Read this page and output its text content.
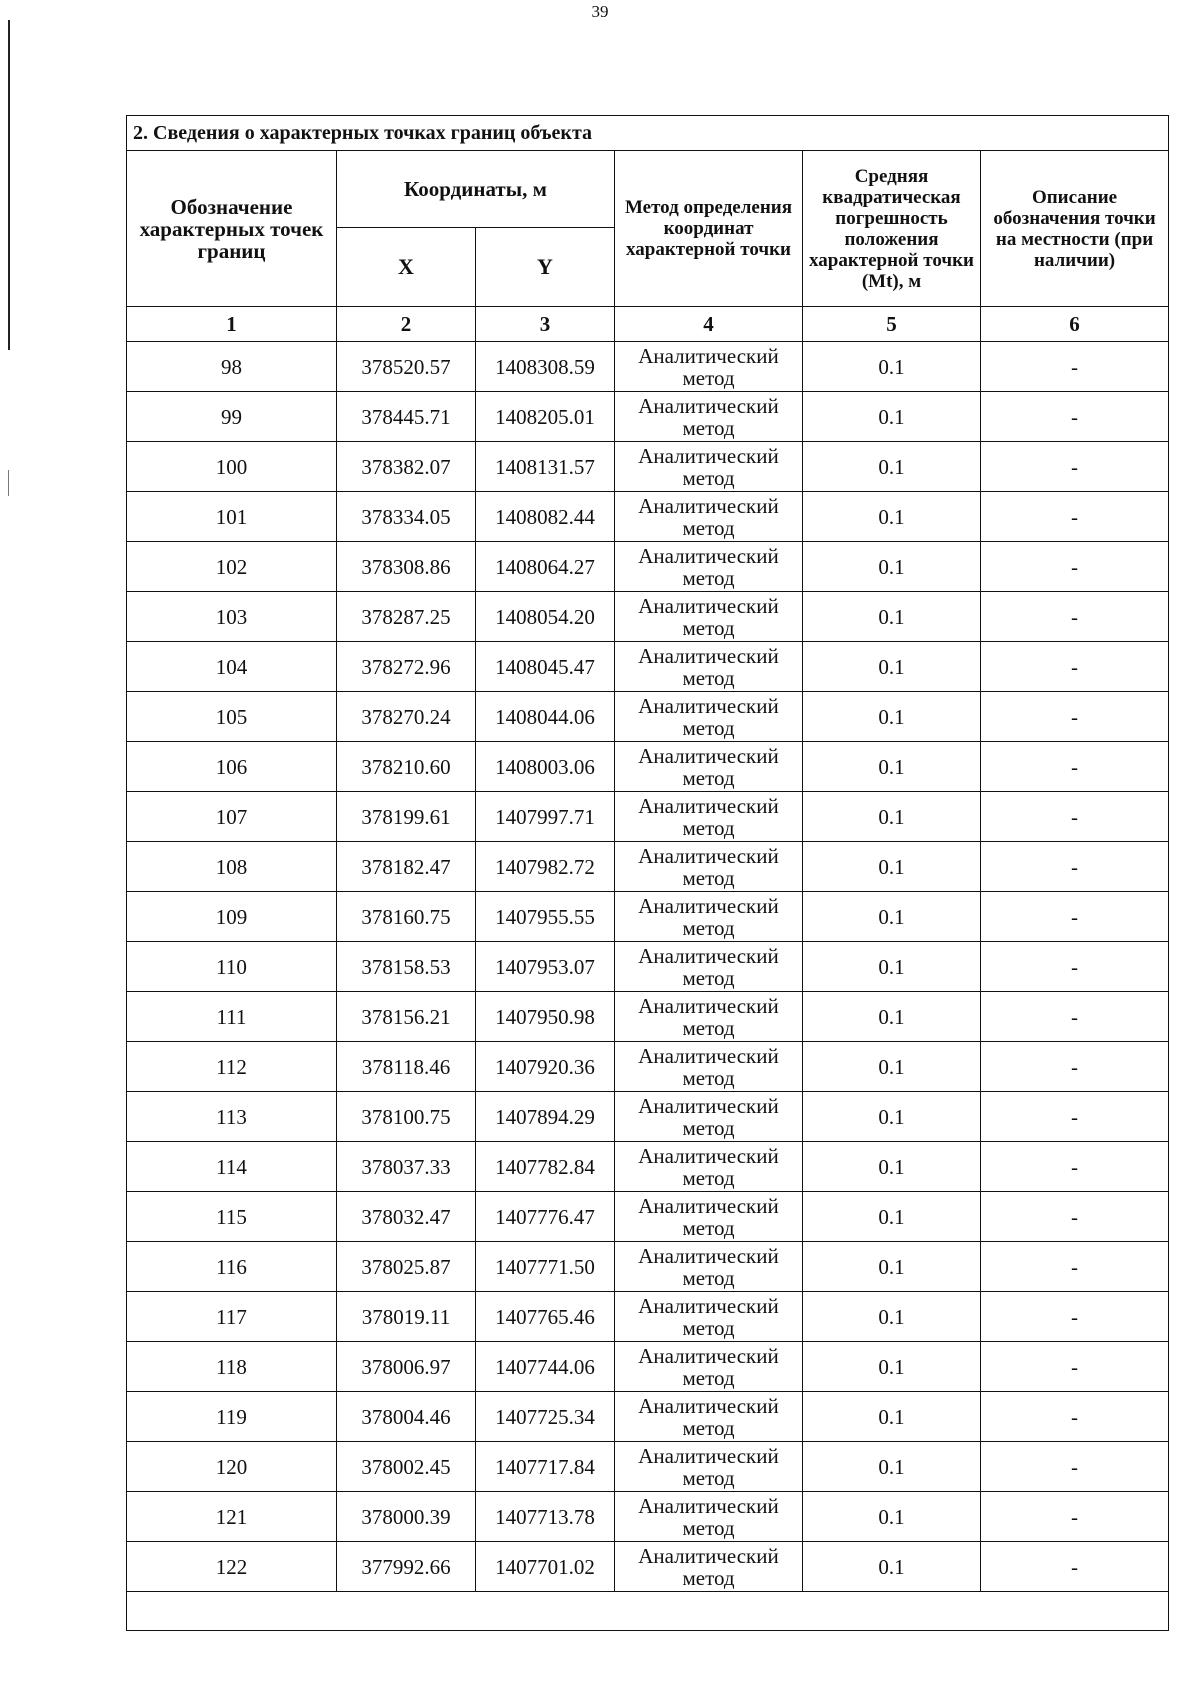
39
2. Сведения о характерных точках границ объекта					
Обозначение характерных точек границ	Координаты, м		Метод определения координат характерной точки	Средняя квадратическая погрешность положения характерной точки (Mt), м	Описание обозначения точки на местности (при наличии)
	X	Y			
1	2	3	4	5	6
98	378520.57	1408308.59	Аналитический метод	0.1	-
99	378445.71	1408205.01	Аналитический метод	0.1	-
100	378382.07	1408131.57	Аналитический метод	0.1	-
101	378334.05	1408082.44	Аналитический метод	0.1	-
102	378308.86	1408064.27	Аналитический метод	0.1	-
103	378287.25	1408054.20	Аналитический метод	0.1	-
104	378272.96	1408045.47	Аналитический метод	0.1	-
105	378270.24	1408044.06	Аналитический метод	0.1	-
106	378210.60	1408003.06	Аналитический метод	0.1	-
107	378199.61	1407997.71	Аналитический метод	0.1	-
108	378182.47	1407982.72	Аналитический метод	0.1	-
109	378160.75	1407955.55	Аналитический метод	0.1	-
110	378158.53	1407953.07	Аналитический метод	0.1	-
111	378156.21	1407950.98	Аналитический метод	0.1	-
112	378118.46	1407920.36	Аналитический метод	0.1	-
113	378100.75	1407894.29	Аналитический метод	0.1	-
114	378037.33	1407782.84	Аналитический метод	0.1	-
115	378032.47	1407776.47	Аналитический метод	0.1	-
116	378025.87	1407771.50	Аналитический метод	0.1	-
117	378019.11	1407765.46	Аналитический метод	0.1	-
118	378006.97	1407744.06	Аналитический метод	0.1	-
119	378004.46	1407725.34	Аналитический метод	0.1	-
120	378002.45	1407717.84	Аналитический метод	0.1	-
121	378000.39	1407713.78	Аналитический метод	0.1	-
122	377992.66	1407701.02	Аналитический метод	0.1	-
